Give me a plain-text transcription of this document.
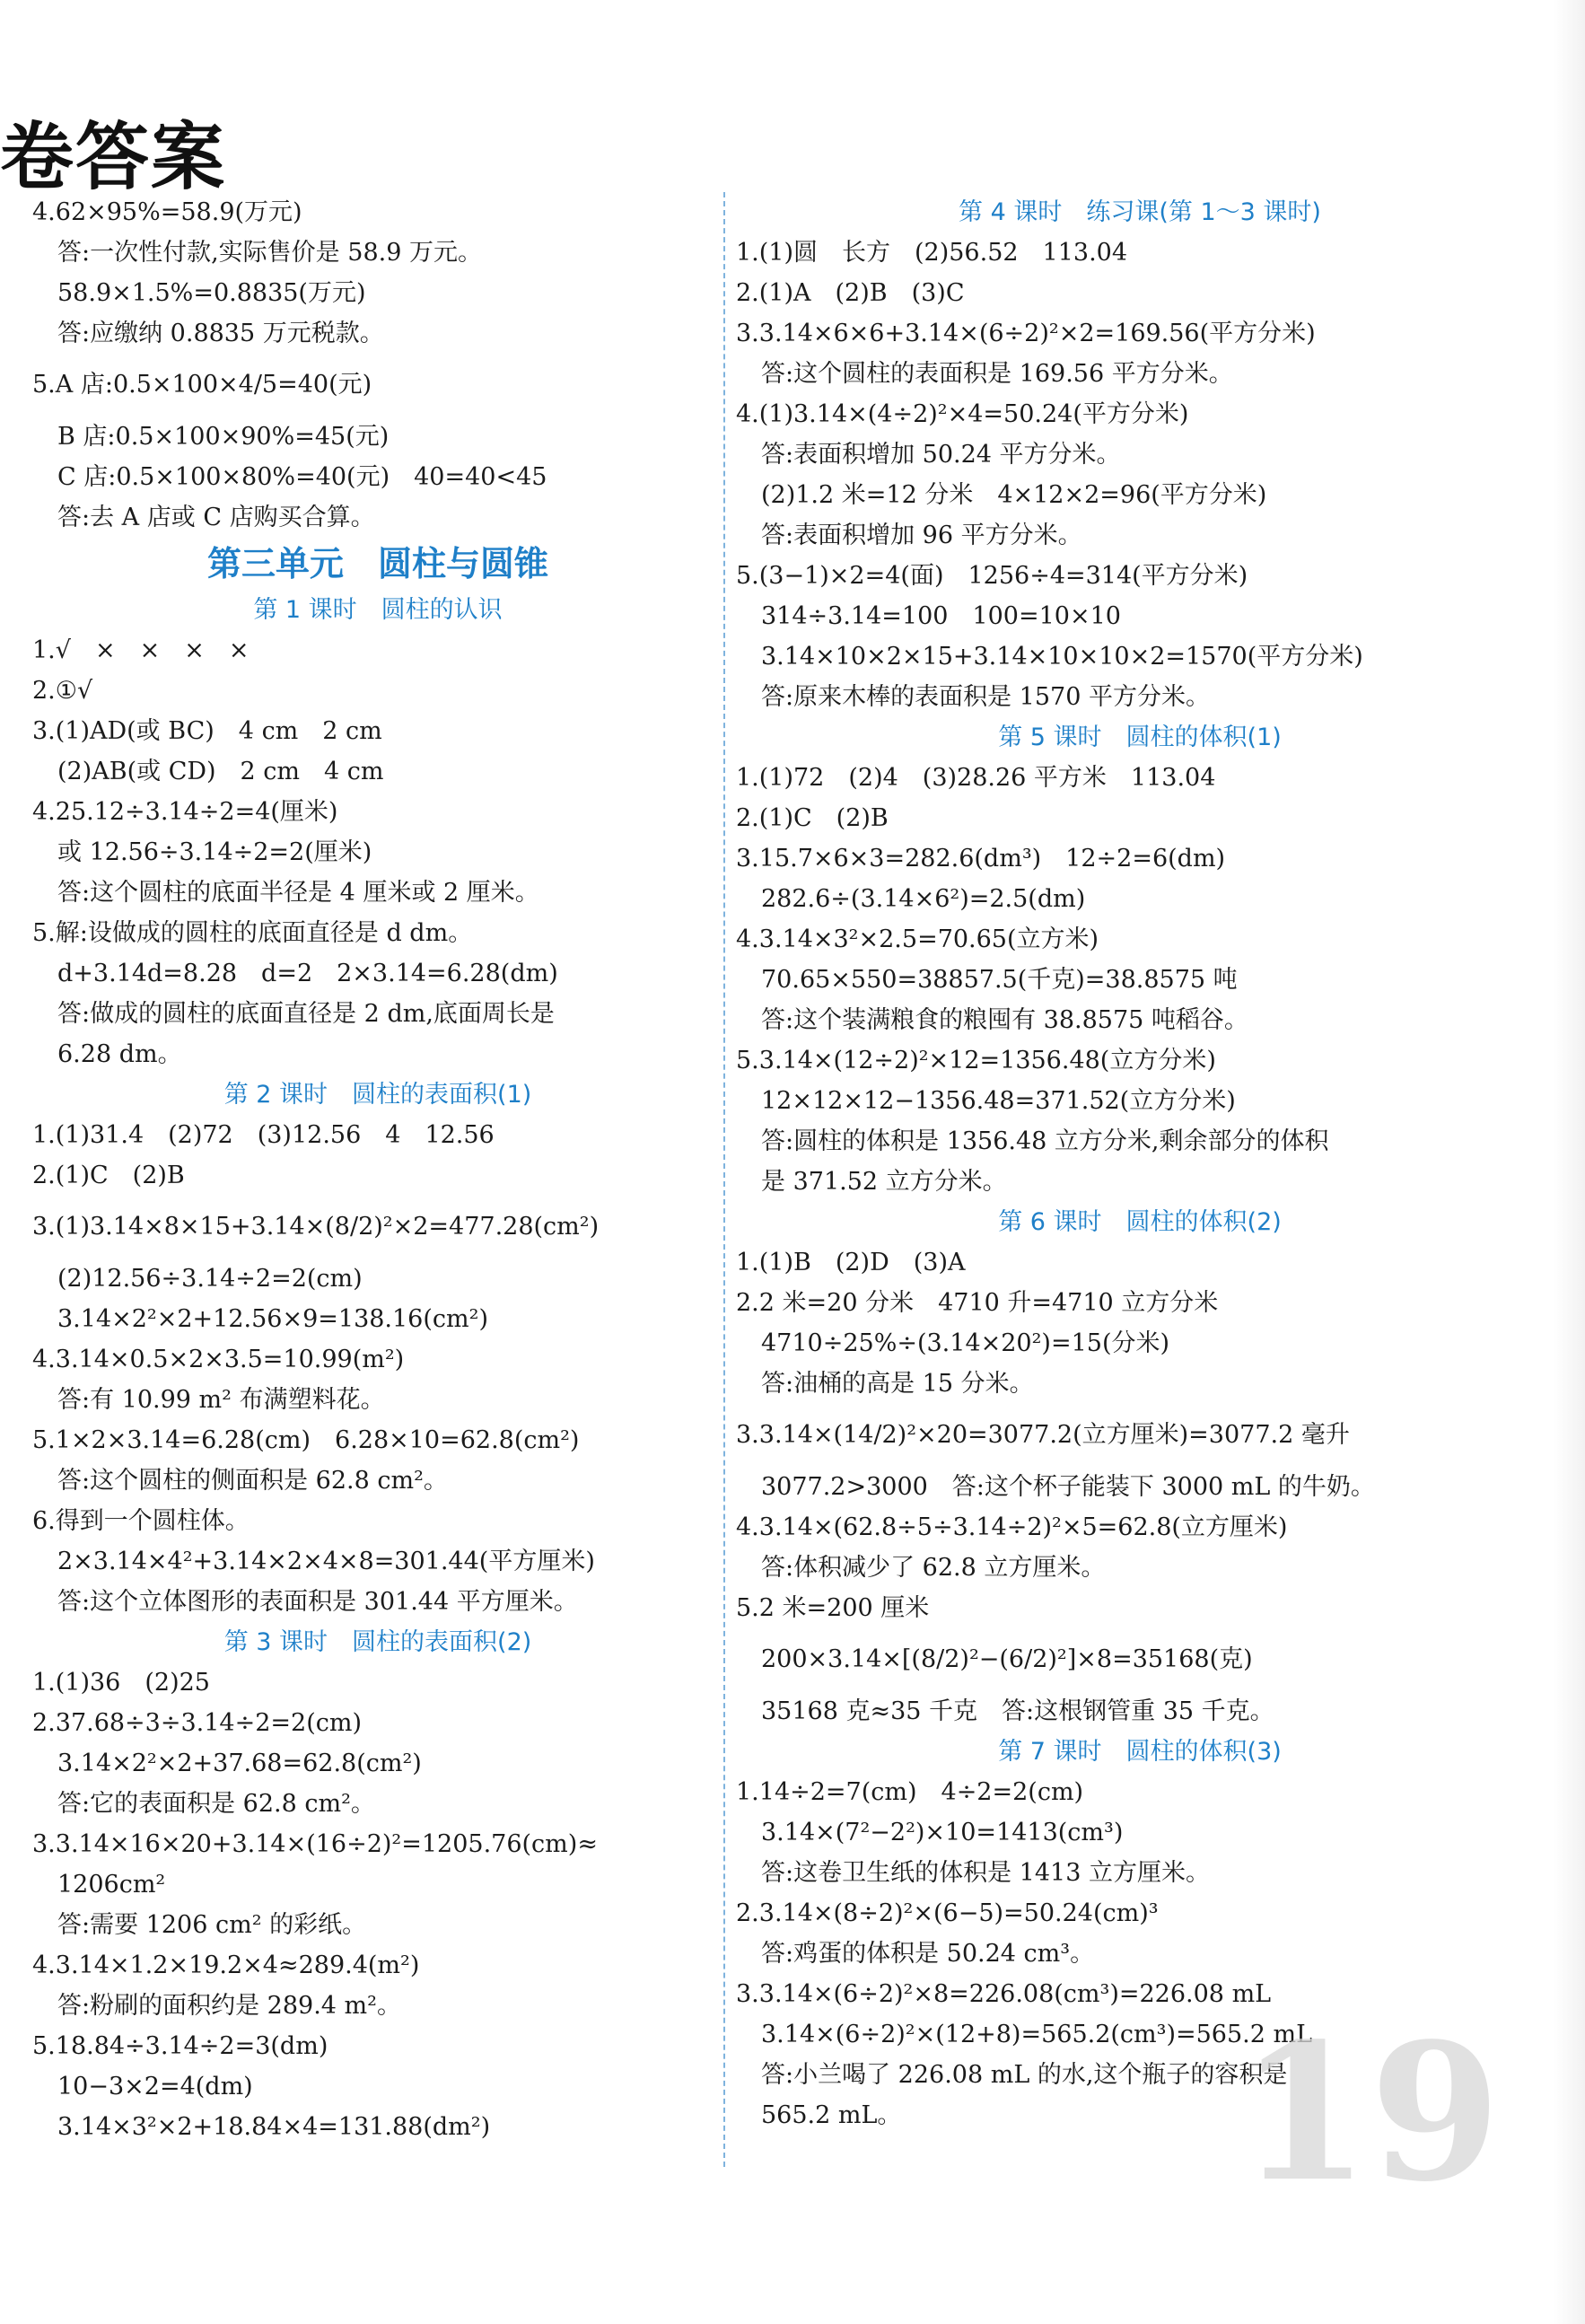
卷答案
4.62×95%=58.9(万元)
答:一次性付款,实际售价是 58.9 万元。
58.9×1.5%=0.8835(万元)
答:应缴纳 0.8835 万元税款。
5.A 店:0.5×100×4/5=40(元)
B 店:0.5×100×90%=45(元)
C 店:0.5×100×80%=40(元)　40=40<45
答:去 A 店或 C 店购买合算。
第三单元　圆柱与圆锥
第 1 课时　圆柱的认识
1.√　×　×　×　×
2.①√
3.(1)AD(或 BC)　4 cm　2 cm
(2)AB(或 CD)　2 cm　4 cm
4.25.12÷3.14÷2=4(厘米)
或 12.56÷3.14÷2=2(厘米)
答:这个圆柱的底面半径是 4 厘米或 2 厘米。
5.解:设做成的圆柱的底面直径是 d dm。
d+3.14d=8.28　d=2　2×3.14=6.28(dm)
答:做成的圆柱的底面直径是 2 dm,底面周长是
6.28 dm。
第 2 课时　圆柱的表面积(1)
1.(1)31.4　(2)72　(3)12.56　4　12.56
2.(1)C　(2)B
3.(1)3.14×8×15+3.14×(8/2)²×2=477.28(cm²)
(2)12.56÷3.14÷2=2(cm)
3.14×2²×2+12.56×9=138.16(cm²)
4.3.14×0.5×2×3.5=10.99(m²)
答:有 10.99 m² 布满塑料花。
5.1×2×3.14=6.28(cm)　6.28×10=62.8(cm²)
答:这个圆柱的侧面积是 62.8 cm²。
6.得到一个圆柱体。
2×3.14×4²+3.14×2×4×8=301.44(平方厘米)
答:这个立体图形的表面积是 301.44 平方厘米。
第 3 课时　圆柱的表面积(2)
1.(1)36　(2)25
2.37.68÷3÷3.14÷2=2(cm)
3.14×2²×2+37.68=62.8(cm²)
答:它的表面积是 62.8 cm²。
3.3.14×16×20+3.14×(16÷2)²=1205.76(cm)≈
1206cm²
答:需要 1206 cm² 的彩纸。
4.3.14×1.2×19.2×4≈289.4(m²)
答:粉刷的面积约是 289.4 m²。
5.18.84÷3.14÷2=3(dm)
10−3×2=4(dm)
3.14×3²×2+18.84×4=131.88(dm²)
第 4 课时　练习课(第 1～3 课时)
1.(1)圆　长方　(2)56.52　113.04
2.(1)A　(2)B　(3)C
3.3.14×6×6+3.14×(6÷2)²×2=169.56(平方分米)
答:这个圆柱的表面积是 169.56 平方分米。
4.(1)3.14×(4÷2)²×4=50.24(平方分米)
答:表面积增加 50.24 平方分米。
(2)1.2 米=12 分米　4×12×2=96(平方分米)
答:表面积增加 96 平方分米。
5.(3−1)×2=4(面)　1256÷4=314(平方分米)
314÷3.14=100　100=10×10
3.14×10×2×15+3.14×10×10×2=1570(平方分米)
答:原来木棒的表面积是 1570 平方分米。
第 5 课时　圆柱的体积(1)
1.(1)72　(2)4　(3)28.26 平方米　113.04
2.(1)C　(2)B
3.15.7×6×3=282.6(dm³)　12÷2=6(dm)
282.6÷(3.14×6²)=2.5(dm)
4.3.14×3²×2.5=70.65(立方米)
70.65×550=38857.5(千克)=38.8575 吨
答:这个装满粮食的粮囤有 38.8575 吨稻谷。
5.3.14×(12÷2)²×12=1356.48(立方分米)
12×12×12−1356.48=371.52(立方分米)
答:圆柱的体积是 1356.48 立方分米,剩余部分的体积
是 371.52 立方分米。
第 6 课时　圆柱的体积(2)
1.(1)B　(2)D　(3)A
2.2 米=20 分米　4710 升=4710 立方分米
4710÷25%÷(3.14×20²)=15(分米)
答:油桶的高是 15 分米。
3.3.14×(14/2)²×20=3077.2(立方厘米)=3077.2 毫升
3077.2>3000　答:这个杯子能装下 3000 mL 的牛奶。
4.3.14×(62.8÷5÷3.14÷2)²×5=62.8(立方厘米)
答:体积减少了 62.8 立方厘米。
5.2 米=200 厘米
200×3.14×[(8/2)²−(6/2)²]×8=35168(克)
35168 克≈35 千克　答:这根钢管重 35 千克。
第 7 课时　圆柱的体积(3)
1.14÷2=7(cm)　4÷2=2(cm)
3.14×(7²−2²)×10=1413(cm³)
答:这卷卫生纸的体积是 1413 立方厘米。
2.3.14×(8÷2)²×(6−5)=50.24(cm)³
答:鸡蛋的体积是 50.24 cm³。
3.3.14×(6÷2)²×8=226.08(cm³)=226.08 mL
3.14×(6÷2)²×(12+8)=565.2(cm³)=565.2 mL
答:小兰喝了 226.08 mL 的水,这个瓶子的容积是
565.2 mL。	19
